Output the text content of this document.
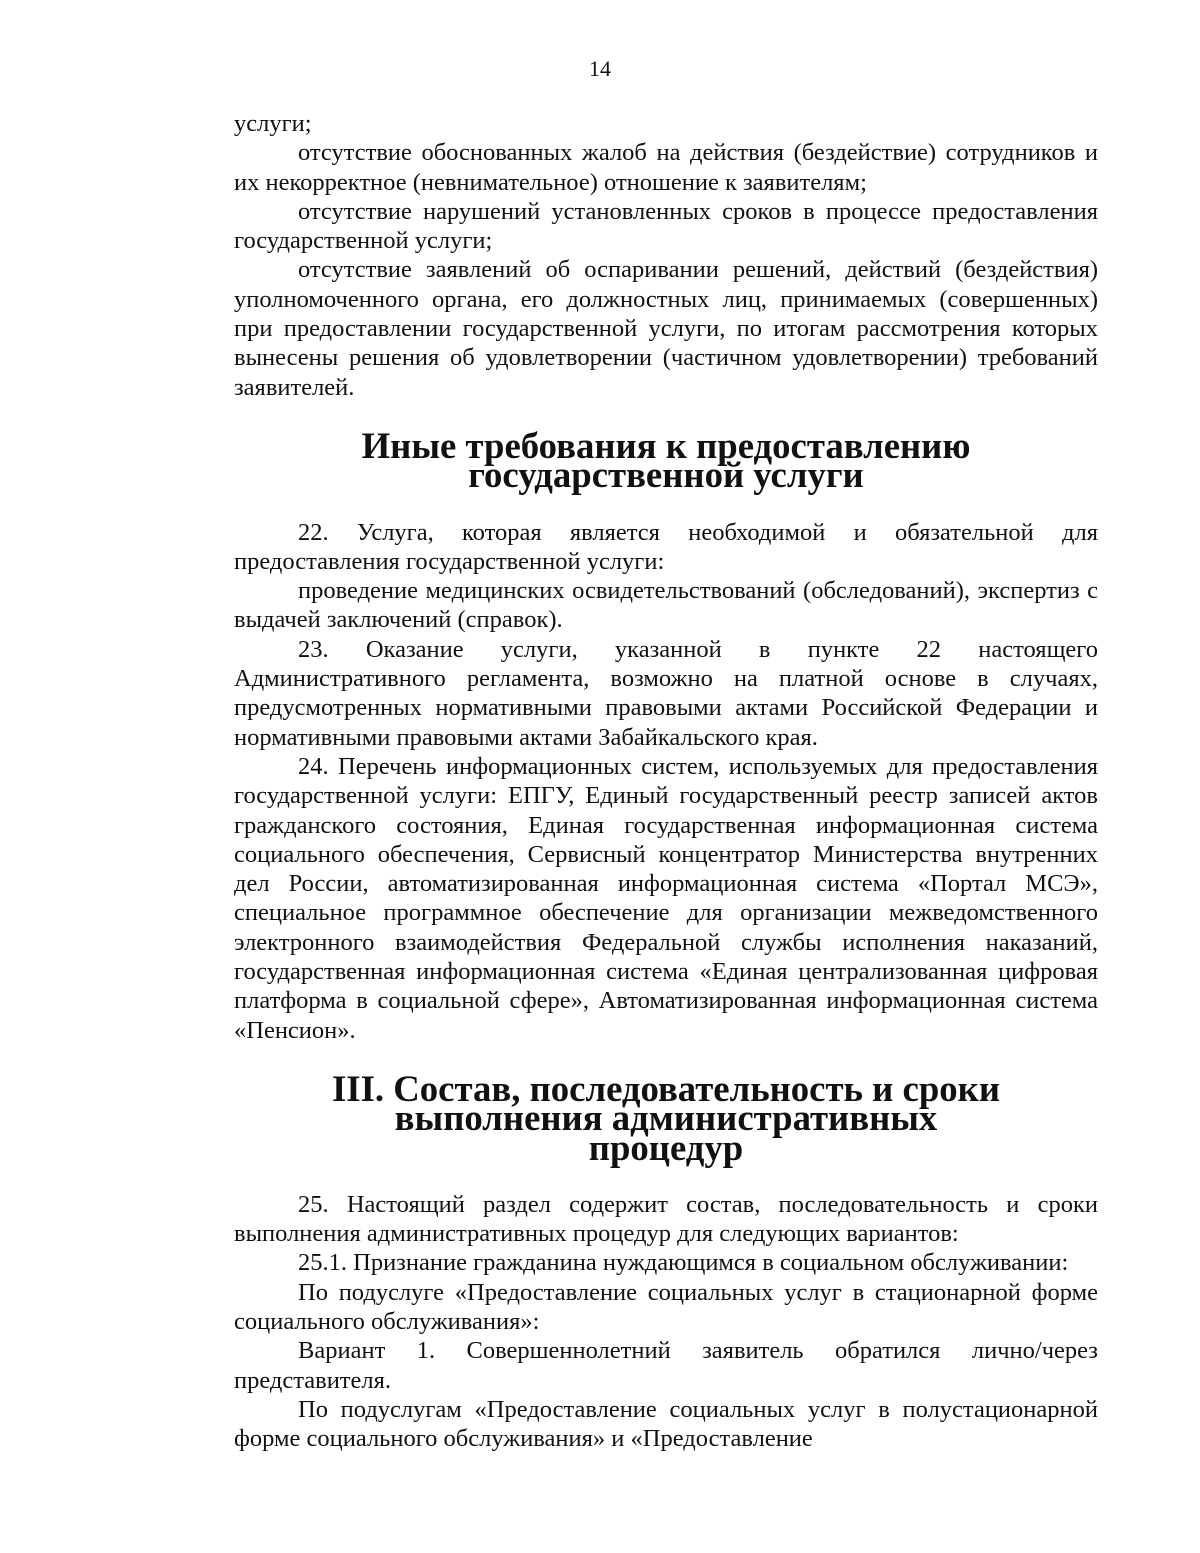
14

услуги;

отсутствие обоснованных жалоб на действия (бездействие) сотрудников и их некорректное (невнимательное) отношение к заявителям;

отсутствие нарушений установленных сроков в процессе предоставления государственной услуги;

отсутствие заявлений об оспаривании решений, действий (бездействия) уполномоченного органа, его должностных лиц, принимаемых (совершенных) при предоставлении государственной услуги, по итогам рассмотрения которых вынесены решения об удовлетворении (частичном удовлетворении) требований заявителей.

Иные требования к предоставлению государственной услуги

22. Услуга, которая является необходимой и обязательной для предоставления государственной услуги:

проведение медицинских освидетельствований (обследований), экспертиз с выдачей заключений (справок).

23. Оказание услуги, указанной в пункте 22 настоящего Административного регламента, возможно на платной основе в случаях, предусмотренных нормативными правовыми актами Российской Федерации и нормативными правовыми актами Забайкальского края.

24. Перечень информационных систем, используемых для предоставления государственной услуги: ЕПГУ, Единый государственный реестр записей актов гражданского состояния, Единая государственная информационная система социального обеспечения, Сервисный концентратор Министерства внутренних дел России, автоматизированная информационная система «Портал МСЭ», специальное программное обеспечение для организации межведомственного электронного взаимодействия Федеральной службы исполнения наказаний, государственная информационная система «Единая централизованная цифровая платформа в социальной сфере», Автоматизированная информационная система «Пенсион».

III. Состав, последовательность и сроки выполнения административных
процедур

25. Настоящий раздел содержит состав, последовательность и сроки выполнения административных процедур для следующих вариантов:

25.1. Признание гражданина нуждающимся в социальном обслуживании:

По подуслуге «Предоставление социальных услуг в стационарной форме социального обслуживания»:

Вариант 1. Совершеннолетний заявитель обратился лично/через представителя.

По подуслугам «Предоставление социальных услуг в полустационарной форме социального обслуживания» и «Предоставление
